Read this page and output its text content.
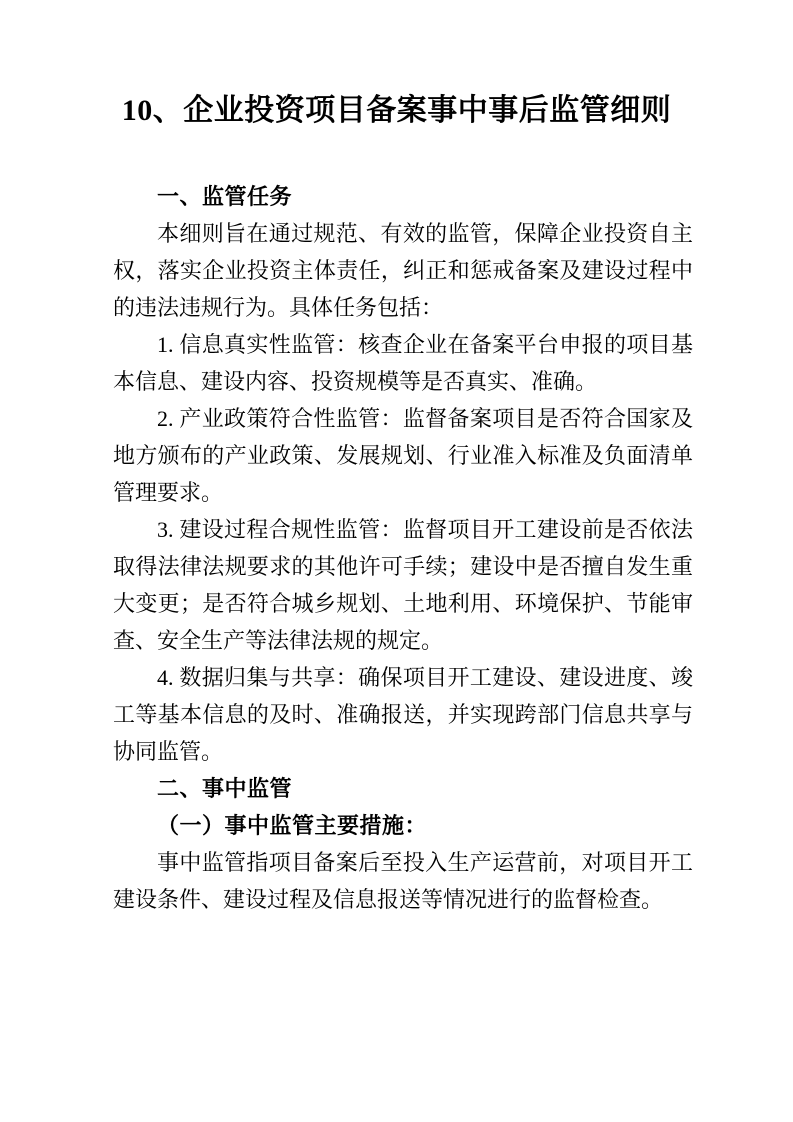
10、企业投资项目备案事中事后监管细则
一、监管任务

本细则旨在通过规范、有效的监管，保障企业投资自主权，落实企业投资主体责任，纠正和惩戒备案及建设过程中的违法违规行为。具体任务包括：

1. 信息真实性监管：核查企业在备案平台申报的项目基本信息、建设内容、投资规模等是否真实、准确。

2. 产业政策符合性监管：监督备案项目是否符合国家及地方颁布的产业政策、发展规划、行业准入标准及负面清单管理要求。

3. 建设过程合规性监管：监督项目开工建设前是否依法取得法律法规要求的其他许可手续；建设中是否擅自发生重大变更；是否符合城乡规划、土地利用、环境保护、节能审查、安全生产等法律法规的规定。

4. 数据归集与共享：确保项目开工建设、建设进度、竣工等基本信息的及时、准确报送，并实现跨部门信息共享与协同监管。

二、事中监管

（一）事中监管主要措施：

事中监管指项目备案后至投入生产运营前，对项目开工建设条件、建设过程及信息报送等情况进行的监督检查。
